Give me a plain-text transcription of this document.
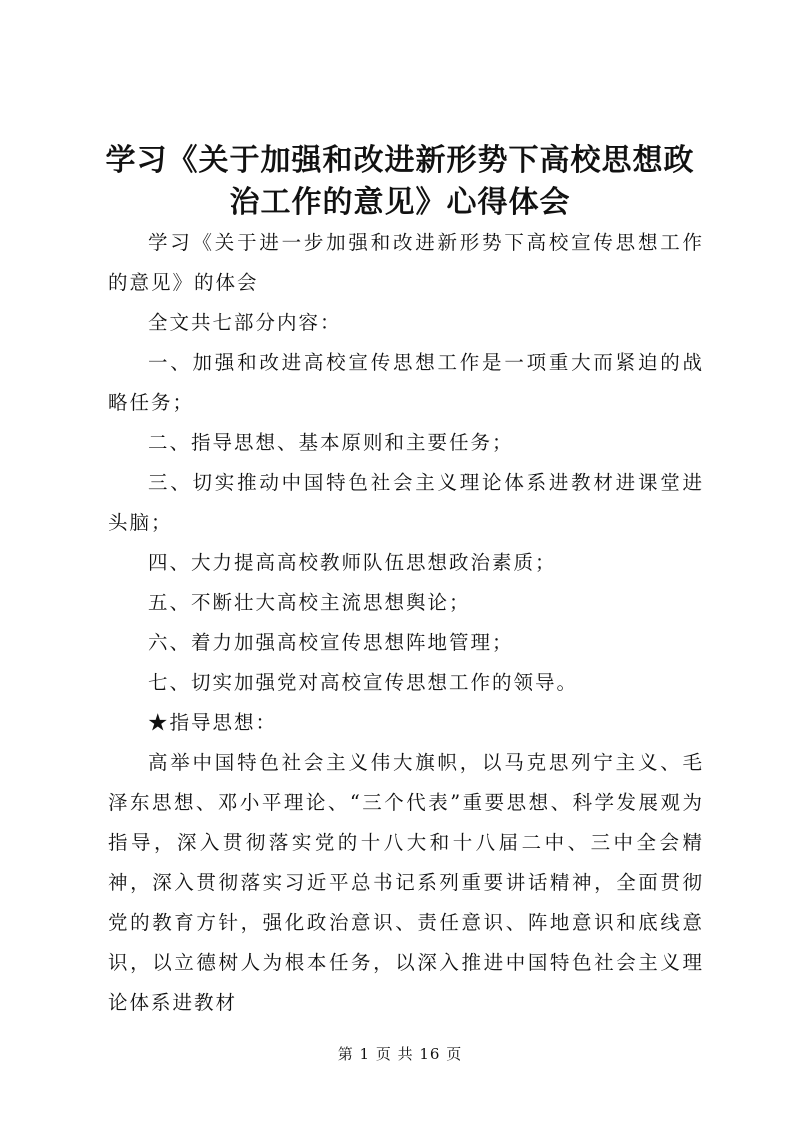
学习《关于加强和改进新形势下高校思想政治工作的意见》心得体会

学习《关于进一步加强和改进新形势下高校宣传思想工作的意见》的体会

全文共七部分内容：

一、加强和改进高校宣传思想工作是一项重大而紧迫的战略任务；

二、指导思想、基本原则和主要任务；

三、切实推动中国特色社会主义理论体系进教材进课堂进头脑；

四、大力提高高校教师队伍思想政治素质；

五、不断壮大高校主流思想舆论；

六、着力加强高校宣传思想阵地管理；

七、切实加强党对高校宣传思想工作的领导。

★指导思想：

高举中国特色社会主义伟大旗帜，以马克思列宁主义、毛泽东思想、邓小平理论、“三个代表”重要思想、科学发展观为指导，深入贯彻落实党的十八大和十八届二中、三中全会精神，深入贯彻落实习近平总书记系列重要讲话精神，全面贯彻党的教育方针，强化政治意识、责任意识、阵地意识和底线意识，以立德树人为根本任务，以深入推进中国特色社会主义理论体系进教材

第 1 页 共 16 页
